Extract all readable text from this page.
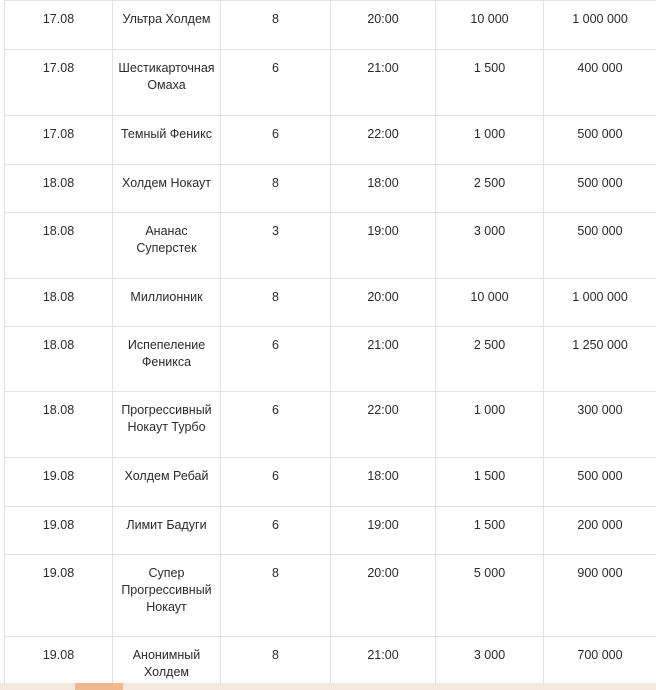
17.08	Ультра Холдем	8	20:00	10 000	1 000 000
17.08	Шестикарточная Омаха	6	21:00	1 500	400 000
17.08	Темный Феникс	6	22:00	1 000	500 000
18.08	Холдем Нокаут	8	18:00	2 500	500 000
18.08	Ананас Суперстек	3	19:00	3 000	500 000
18.08	Миллионник	8	20:00	10 000	1 000 000
18.08	Испепеление Феникса	6	21:00	2 500	1 250 000
18.08	Прогрессивный Нокаут Турбо	6	22:00	1 000	300 000
19.08	Холдем Ребай	6	18:00	1 500	500 000
19.08	Лимит Бадуги	6	19:00	1 500	200 000
19.08	Супер Прогрессивный Нокаут	8	20:00	5 000	900 000
19.08	Анонимный Холдем	8	21:00	3 000	700 000
